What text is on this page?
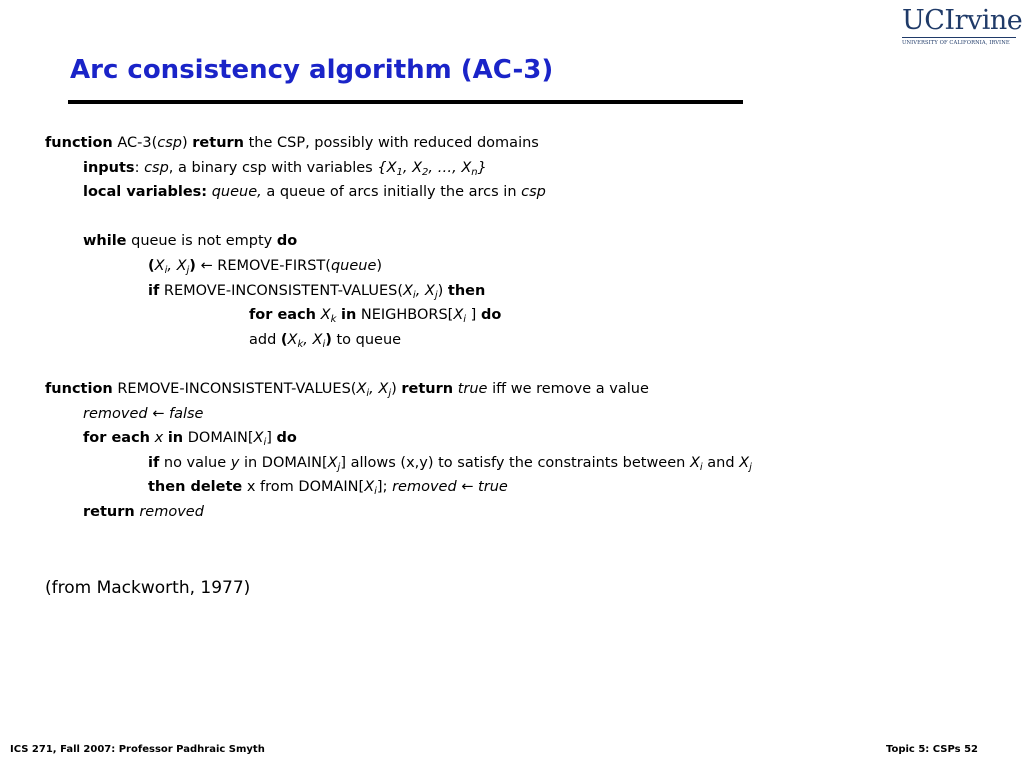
UCIrvine
UNIVERSITY OF CALIFORNIA, IRVINE
Arc consistency algorithm (AC-3)
function AC-3(csp) return the CSP, possibly with reduced domains
inputs: csp, a binary csp with variables {$X_1$, $X_2$, …, $X_n$}
local variables: queue, a queue of arcs initially the arcs in csp
while queue is not empty do
($X_i$, $X_j$) ← REMOVE-FIRST(queue)
if REMOVE-$INCONSISTENT-VALUES(X_i$, $X_j$) then
for each $X_k$ in $NEIGHBORS[X_i$ ] do
add ($X_k$, $X_i$) to queue
function REMOVE-$INCONSISTENT-VALUES(X_i$, $X_j$) return true iff we remove a value
removed ← false
for each x in $DOMAIN[X_i]$ do
if no value y in $DOMAIN[X_j]$ allows (x,y) to satisfy the constraints between $X_i$ and $X_j$
then delete x from $DOMAIN[X_i]$; removed ← true
return removed
(from Mackworth, 1977)
ICS 271, Fall 2007: Professor Padhraic Smyth	Topic 5: CSPs 52
